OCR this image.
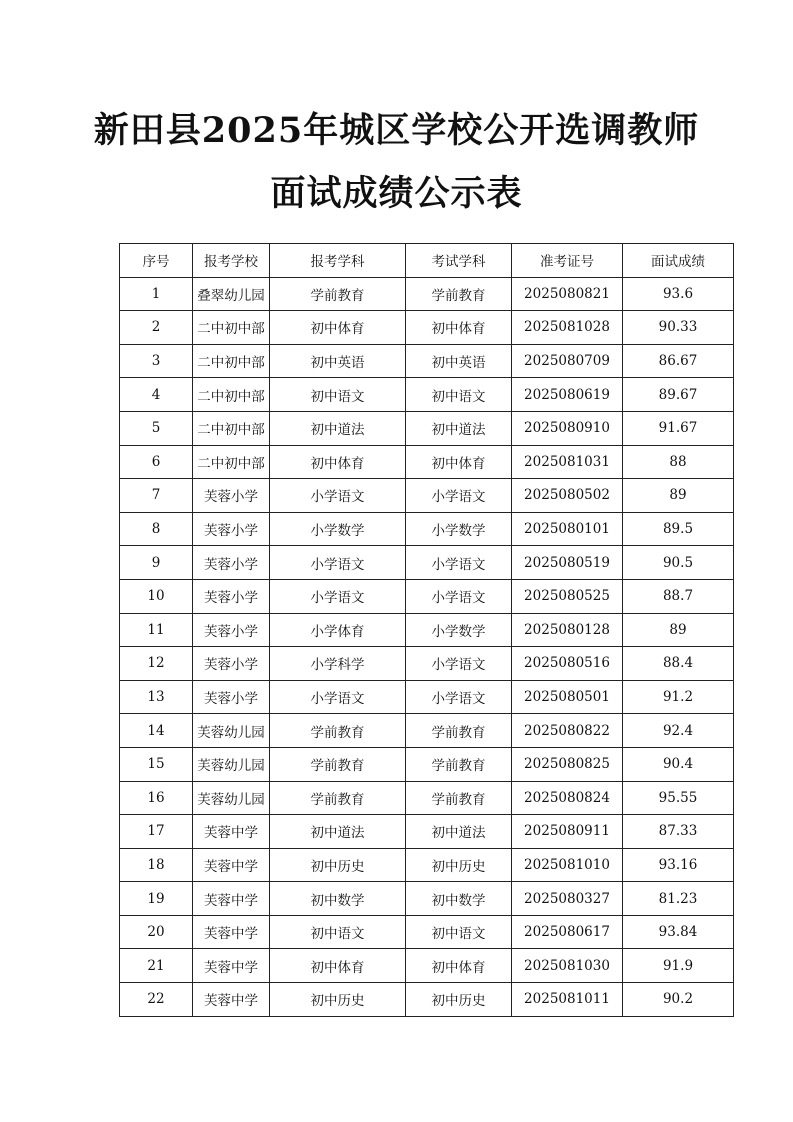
新田县2025年城区学校公开选调教师
面试成绩公示表
序号	报考学校	报考学科	考试学科	准考证号	面试成绩
1	叠翠幼儿园	学前教育	学前教育	2025080821	93.6
2	二中初中部	初中体育	初中体育	2025081028	90.33
3	二中初中部	初中英语	初中英语	2025080709	86.67
4	二中初中部	初中语文	初中语文	2025080619	89.67
5	二中初中部	初中道法	初中道法	2025080910	91.67
6	二中初中部	初中体育	初中体育	2025081031	88
7	芙蓉小学	小学语文	小学语文	2025080502	89
8	芙蓉小学	小学数学	小学数学	2025080101	89.5
9	芙蓉小学	小学语文	小学语文	2025080519	90.5
10	芙蓉小学	小学语文	小学语文	2025080525	88.7
11	芙蓉小学	小学体育	小学数学	2025080128	89
12	芙蓉小学	小学科学	小学语文	2025080516	88.4
13	芙蓉小学	小学语文	小学语文	2025080501	91.2
14	芙蓉幼儿园	学前教育	学前教育	2025080822	92.4
15	芙蓉幼儿园	学前教育	学前教育	2025080825	90.4
16	芙蓉幼儿园	学前教育	学前教育	2025080824	95.55
17	芙蓉中学	初中道法	初中道法	2025080911	87.33
18	芙蓉中学	初中历史	初中历史	2025081010	93.16
19	芙蓉中学	初中数学	初中数学	2025080327	81.23
20	芙蓉中学	初中语文	初中语文	2025080617	93.84
21	芙蓉中学	初中体育	初中体育	2025081030	91.9
22	芙蓉中学	初中历史	初中历史	2025081011	90.2
